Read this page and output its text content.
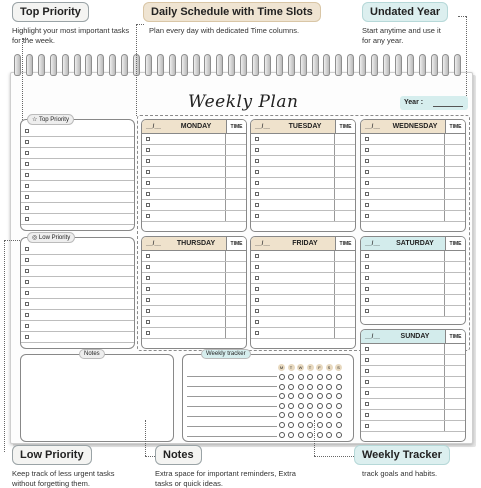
Top Priority
Highlight your most important tasks for the week.
Daily Schedule with Time Slots
Plan every day with dedicated Time columns.
Undated Year
Start anytime and use it for any year.
Weekly Plan	Year :
☆ Top Priority
◎ Low Priority
__/__	MONDAY	TIME	__/__	TUESDAY	TIME	__/__	WEDNESDAY	TIME
__/__	THURSDAY	TIME	__/__	FRIDAY	TIME	__/__	SATURDAY	TIME
__/__	SUNDAY	TIME
Notes	Weekly tracker
M	T	W	T	F	S	S
Low Priority
Keep track of less urgent tasks without forgetting them.
Notes
Extra space for important reminders, Extra tasks or quick ideas.
Weekly Tracker
track goals and habits.
